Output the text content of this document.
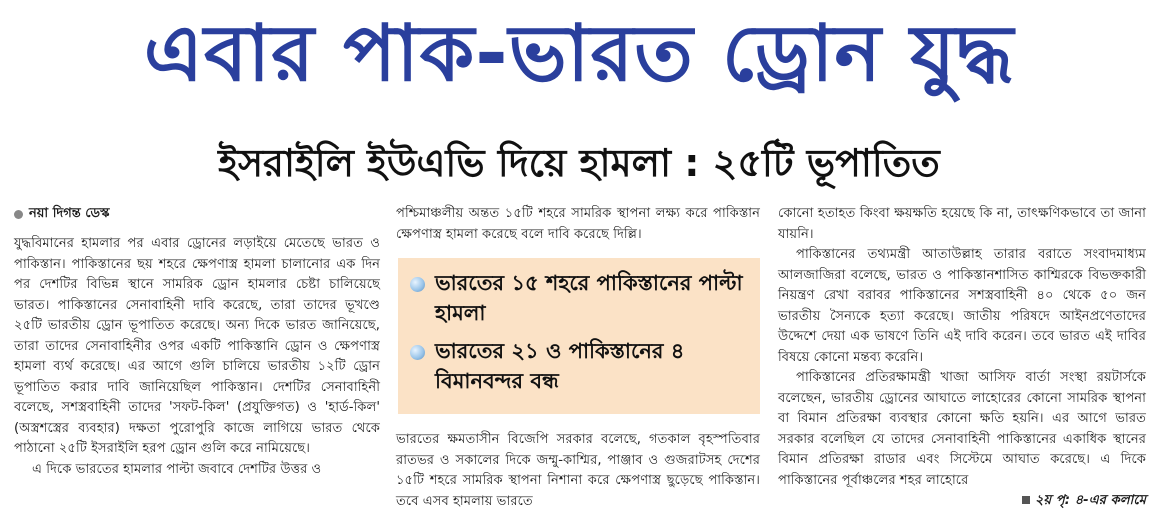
এবার পাক-ভারত ড্রোন যুদ্ধ
ইসরাইলি ইউএভি দিয়ে হামলা : ২৫টি ভূপাতিত
নয়া দিগন্ত ডেস্ক

যুদ্ধবিমানের হামলার পর এবার ড্রোনের লড়াইয়ে মেতেছে ভারত ও পাকিস্তান। পাকিস্তানের ছয় শহরে ক্ষেপণাস্ত্র হামলা চালানোর এক দিন পর দেশটির বিভিন্ন স্থানে সামরিক ড্রোন হামলার চেষ্টা চালিয়েছে ভারত। পাকিস্তানের সেনাবাহিনী দাবি করেছে, তারা তাদের ভূখণ্ডে ২৫টি ভারতীয় ড্রোন ভূপাতিত করেছে। অন্য দিকে ভারত জানিয়েছে, তারা তাদের সেনাবাহিনীর ওপর একটি পাকিস্তানি ড্রোন ও ক্ষেপণাস্ত্র হামলা ব্যর্থ করেছে। এর আগে গুলি চালিয়ে ভারতীয় ১২টি ড্রোন ভূপাতিত করার দাবি জানিয়েছিল পাকিস্তান। দেশটির সেনাবাহিনী বলেছে, সশস্ত্রবাহিনী তাদের 'সফট-কিল' (প্রযুক্তিগত) ও 'হার্ড-কিল' (অস্ত্রশস্ত্রের ব্যবহার) দক্ষতা পুরোপুরি কাজে লাগিয়ে ভারত থেকে পাঠানো ২৫টি ইসরাইলি হরপ ড্রোন গুলি করে নামিয়েছে।

এ দিকে ভারতের হামলার পাল্টা জবাবে দেশটির উত্তর ও

পশ্চিমাঞ্চলীয় অন্তত ১৫টি শহরে সামরিক স্থাপনা লক্ষ্য করে পাকিস্তান ক্ষেপণাস্ত্র হামলা করেছে বলে দাবি করেছে দিল্লি।

ভারতের ১৫ শহরে পাকিস্তানের পাল্টা হামলা
ভারতের ২১ ও পাকিস্তানের ৪ বিমানবন্দর বন্ধ

ভারতের ক্ষমতাসীন বিজেপি সরকার বলেছে, গতকাল বৃহস্পতিবার রাতভর ও সকালের দিকে জম্মু-কাশ্মির, পাঞ্জাব ও গুজরাটসহ দেশের ১৫টি শহরে সামরিক স্থাপনা নিশানা করে ক্ষেপণাস্ত্র ছুড়েছে পাকিস্তান। তবে এসব হামলায় ভারতে

কোনো হতাহত কিংবা ক্ষয়ক্ষতি হয়েছে কি না, তাৎক্ষণিকভাবে তা জানা যায়নি।

পাকিস্তানের তথ্যমন্ত্রী আতাউল্লাহ তারার বরাতে সংবাদমাধ্যম আলজাজিরা বলেছে, ভারত ও পাকিস্তানশাসিত কাশ্মিরকে বিভক্তকারী নিয়ন্ত্রণ রেখা বরাবর পাকিস্তানের সশস্ত্রবাহিনী ৪০ থেকে ৫০ জন ভারতীয় সৈন্যকে হত্যা করেছে। জাতীয় পরিষদে আইনপ্রণেতাদের উদ্দেশে দেয়া এক ভাষণে তিনি এই দাবি করেন। তবে ভারত এই দাবির বিষয়ে কোনো মন্তব্য করেনি।

পাকিস্তানের প্রতিরক্ষামন্ত্রী খাজা আসিফ বার্তা সংস্থা রয়টার্সকে বলেছেন, ভারতীয় ড্রোনের আঘাতে লাহোরের কোনো সামরিক স্থাপনা বা বিমান প্রতিরক্ষা ব্যবস্থার কোনো ক্ষতি হয়নি। এর আগে ভারত সরকার বলেছিল যে তাদের সেনাবাহিনী পাকিস্তানের একাধিক স্থানের বিমান প্রতিরক্ষা রাডার এবং সিস্টেমে আঘাত করেছে। এ দিকে পাকিস্তানের পূর্বাঞ্চলের শহর লাহোরে

২য় পৃ: ৪-এর কলামে
